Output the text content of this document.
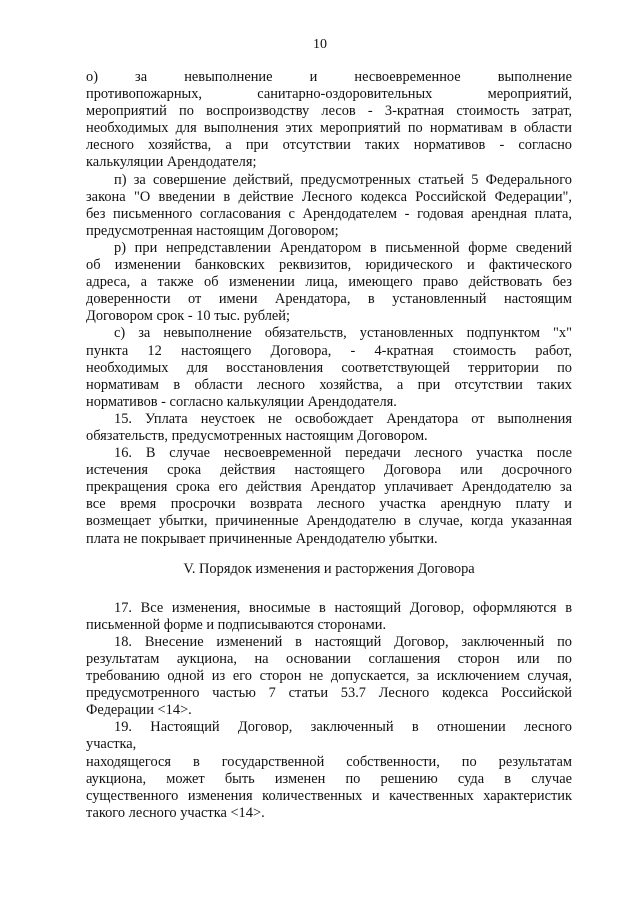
10
о) за невыполнение и несвоевременное выполнение
противопожарных, санитарно-оздоровительных мероприятий,
мероприятий по воспроизводству лесов - 3-кратная стоимость затрат,
необходимых для выполнения этих мероприятий по нормативам в области
лесного хозяйства, а при отсутствии таких нормативов - согласно
калькуляции Арендодателя;
п) за совершение действий, предусмотренных статьей 5 Федерального
закона "О введении в действие Лесного кодекса Российской Федерации",
без письменного согласования с Арендодателем - годовая арендная плата,
предусмотренная настоящим Договором;
р) при непредставлении Арендатором в письменной форме сведений
об изменении банковских реквизитов, юридического и фактического
адреса, а также об изменении лица, имеющего право действовать без
доверенности от имени Арендатора, в установленный настоящим
Договором срок - 10 тыс. рублей;
с) за невыполнение обязательств, установленных подпунктом "х"
пункта 12 настоящего Договора, - 4-кратная стоимость работ,
необходимых для восстановления соответствующей территории по
нормативам в области лесного хозяйства, а при отсутствии таких
нормативов - согласно калькуляции Арендодателя.
15. Уплата неустоек не освобождает Арендатора от выполнения
обязательств, предусмотренных настоящим Договором.
16. В случае несвоевременной передачи лесного участка после
истечения срока действия настоящего Договора или досрочного
прекращения срока его действия Арендатор уплачивает Арендодателю за
все время просрочки возврата лесного участка арендную плату и
возмещает убытки, причиненные Арендодателю в случае, когда указанная
плата не покрывает причиненные Арендодателю убытки.
V. Порядок изменения и расторжения Договора
17. Все изменения, вносимые в настоящий Договор, оформляются в
письменной форме и подписываются сторонами.
18. Внесение изменений в настоящий Договор, заключенный по
результатам аукциона, на основании соглашения сторон или по
требованию одной из его сторон не допускается, за исключением случая,
предусмотренного частью 7 статьи 53.7 Лесного кодекса Российской
Федерации <14>.
19. Настоящий Договор, заключенный в отношении лесного
участка,
находящегося в государственной собственности, по результатам
аукциона, может быть изменен по решению суда в случае
существенного изменения количественных и качественных характеристик
такого лесного участка <14>.
